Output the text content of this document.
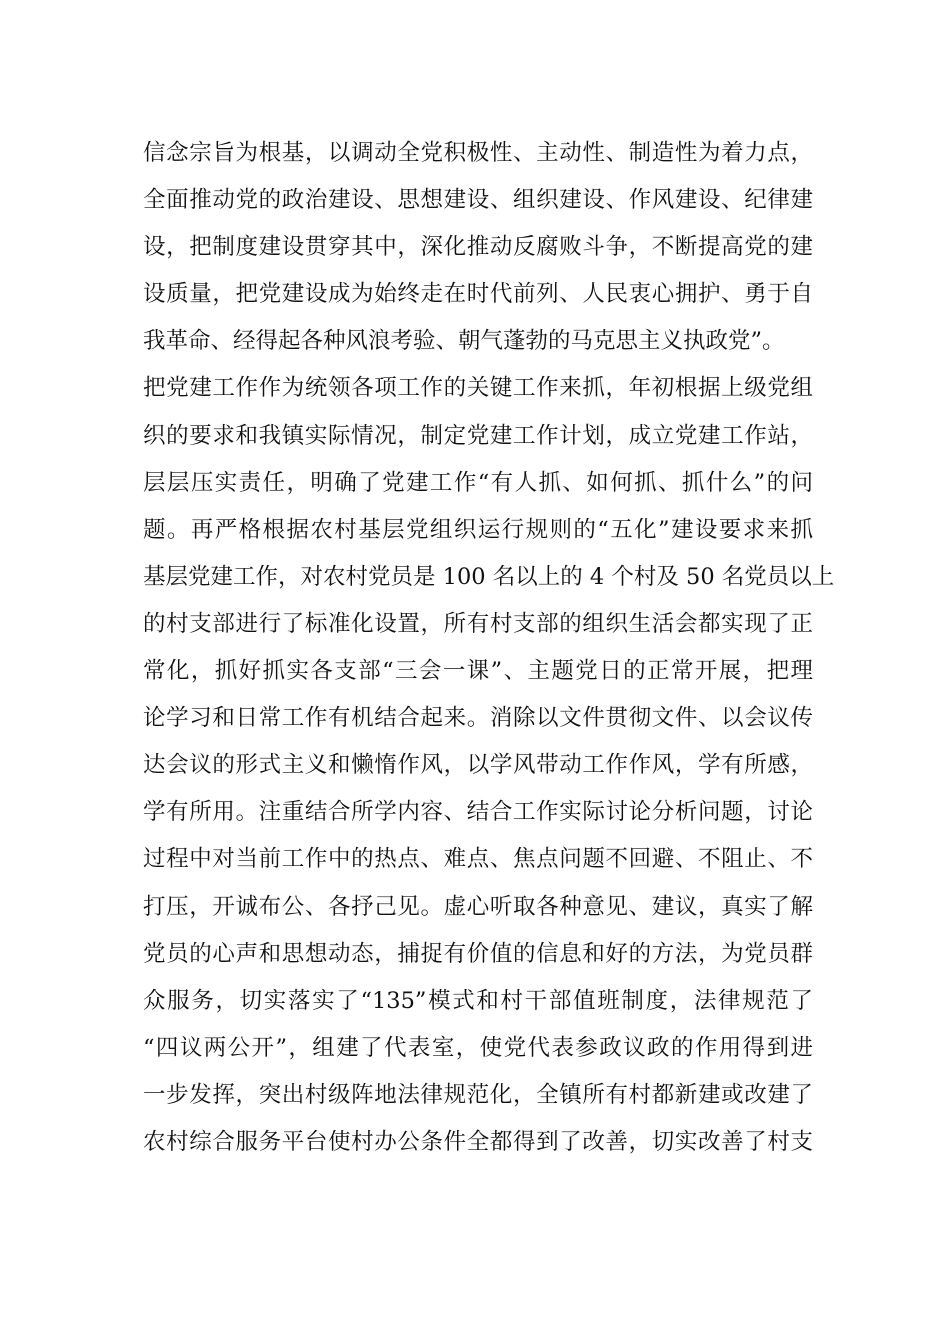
信念宗旨为根基，以调动全党积极性、主动性、制造性为着力点，
全面推动党的政治建设、思想建设、组织建设、作风建设、纪律建
设，把制度建设贯穿其中，深化推动反腐败斗争，不断提高党的建
设质量，把党建设成为始终走在时代前列、人民衷心拥护、勇于自
我革命、经得起各种风浪考验、朝气蓬勃的马克思主义执政党”。
把党建工作作为统领各项工作的关键工作来抓，年初根据上级党组
织的要求和我镇实际情况，制定党建工作计划，成立党建工作站，
层层压实责任，明确了党建工作“有人抓、如何抓、抓什么”的问
题。再严格根据农村基层党组织运行规则的“五化”建设要求来抓
基层党建工作，对农村党员是 100 名以上的 4 个村及 50 名党员以上
的村支部进行了标准化设置，所有村支部的组织生活会都实现了正
常化，抓好抓实各支部“三会一课”、主题党日的正常开展，把理
论学习和日常工作有机结合起来。消除以文件贯彻文件、以会议传
达会议的形式主义和懒惰作风，以学风带动工作作风，学有所感，
学有所用。注重结合所学内容、结合工作实际讨论分析问题，讨论
过程中对当前工作中的热点、难点、焦点问题不回避、不阻止、不
打压，开诚布公、各抒己见。虚心听取各种意见、建议，真实了解
党员的心声和思想动态，捕捉有价值的信息和好的方法，为党员群
众服务，切实落实了“135”模式和村干部值班制度，法律规范了
“四议两公开”，组建了代表室，使党代表参政议政的作用得到进
一步发挥，突出村级阵地法律规范化，全镇所有村都新建或改建了
农村综合服务平台使村办公条件全都得到了改善，切实改善了村支
